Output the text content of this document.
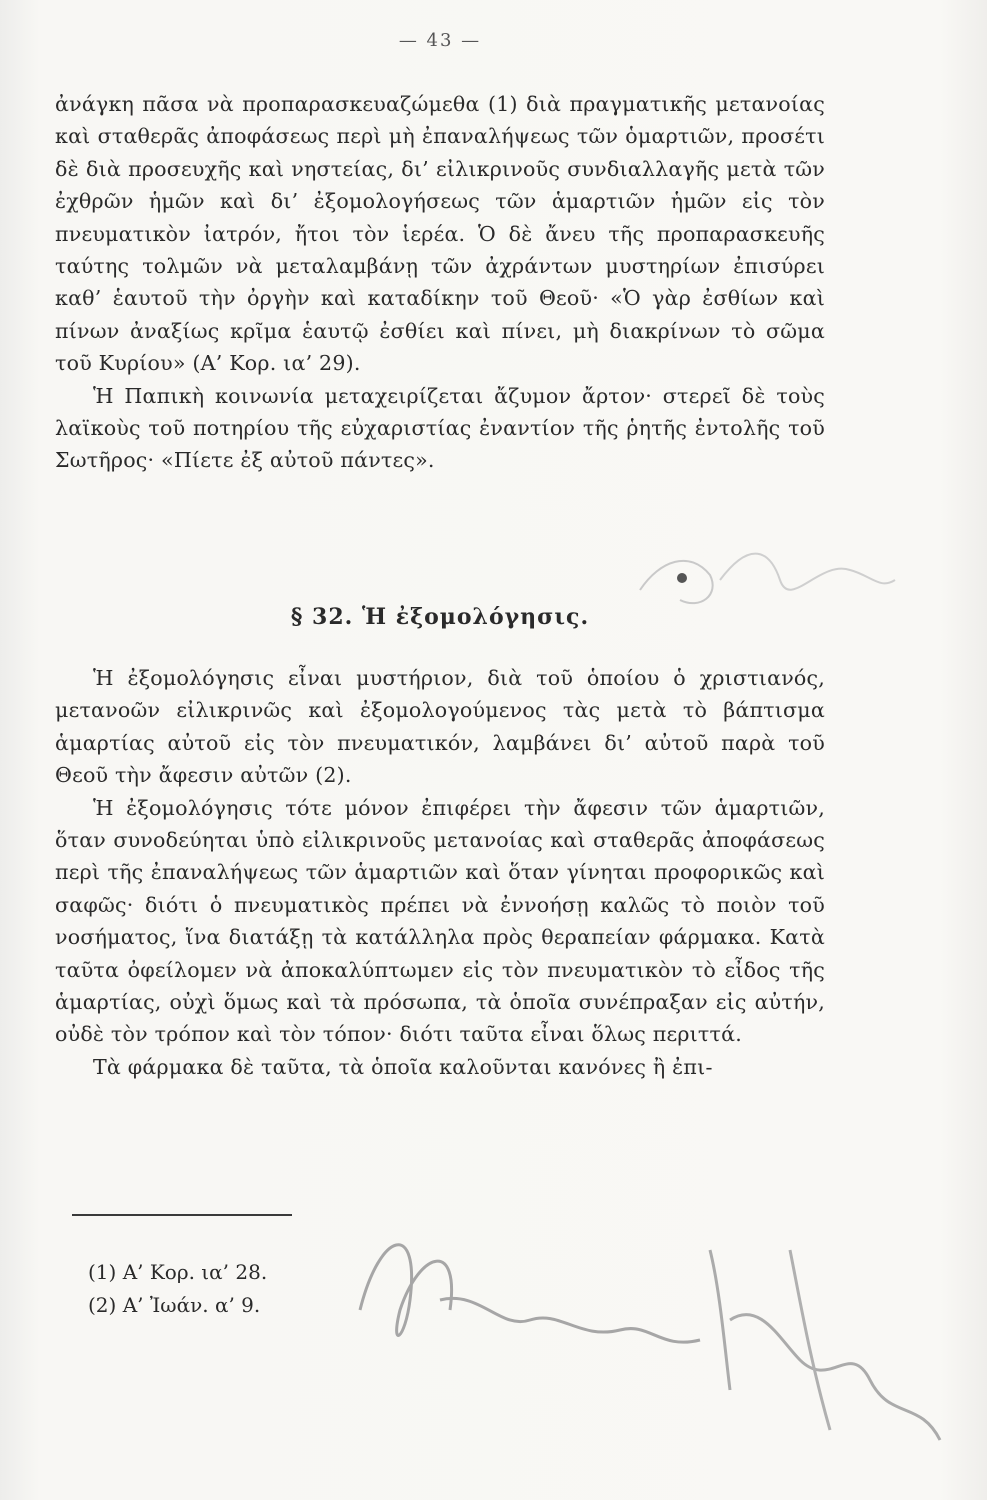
— 43 —

ἀνάγκη πᾶσα νὰ προπαρασκευαζώμεθα (1) διὰ πραγματικῆς μετανοίας καὶ σταθερᾶς ἀποφάσεως περὶ μὴ ἐπαναλήψεως τῶν ὁμαρτιῶν, προσέτι δὲ διὰ προσευχῆς καὶ νηστείας, δι’ εἰλικρινοῦς συνδιαλλαγῆς μετὰ τῶν ἐχθρῶν ἡμῶν καὶ δι’ ἐξομολογήσεως τῶν ἁμαρτιῶν ἡμῶν εἰς τὸν πνευματικὸν ἰατρόν, ἤτοι τὸν ἱερέα. Ὁ δὲ ἄνευ τῆς προπαρασκευῆς ταύτης τολμῶν νὰ μεταλαμβάνῃ τῶν ἀχράντων μυστηρίων ἐπισύρει καθ’ ἑαυτοῦ τὴν ὀργὴν καὶ καταδίκην τοῦ Θεοῦ· «Ὁ γὰρ ἐσθίων καὶ πίνων ἀναξίως κρῖμα ἑαυτῷ ἐσθίει καὶ πίνει, μὴ διακρίνων τὸ σῶμα τοῦ Κυρίου» (Α’ Κορ. ια’ 29).

Ἡ Παπικὴ κοινωνία μεταχειρίζεται ἄζυμον ἄρτον· στερεῖ δὲ τοὺς λαϊκοὺς τοῦ ποτηρίου τῆς εὐχαριστίας ἐναντίον τῆς ῥητῆς ἐντολῆς τοῦ Σωτῆρος· «Πίετε ἐξ αὐτοῦ πάντες».

§ 32. Ἡ ἐξομολόγησις.

Ἡ ἐξομολόγησις εἶναι μυστήριον, διὰ τοῦ ὁποίου ὁ χριστιανός, μετανοῶν εἰλικρινῶς καὶ ἐξομολογούμενος τὰς μετὰ τὸ βάπτισμα ἁμαρτίας αὐτοῦ εἰς τὸν πνευματικόν, λαμβάνει δι’ αὐτοῦ παρὰ τοῦ Θεοῦ τὴν ἄφεσιν αὐτῶν (2).

Ἡ ἐξομολόγησις τότε μόνον ἐπιφέρει τὴν ἄφεσιν τῶν ἁμαρτιῶν, ὅταν συνοδεύηται ὑπὸ εἰλικρινοῦς μετανοίας καὶ σταθερᾶς ἀποφάσεως περὶ τῆς ἐπαναλήψεως τῶν ἁμαρτιῶν καὶ ὅταν γίνηται προφορικῶς καὶ σαφῶς· διότι ὁ πνευματικὸς πρέπει νὰ ἐννοήσῃ καλῶς τὸ ποιὸν τοῦ νοσήματος, ἵνα διατάξῃ τὰ κατάλληλα πρὸς θεραπείαν φάρμακα. Κατὰ ταῦτα ὀφείλομεν νὰ ἀποκαλύπτωμεν εἰς τὸν πνευματικὸν τὸ εἶδος τῆς ἁμαρτίας, οὐχὶ ὅμως καὶ τὰ πρόσωπα, τὰ ὁποῖα συνέπραξαν εἰς αὐτήν, οὐδὲ τὸν τρόπον καὶ τὸν τόπον· διότι ταῦτα εἶναι ὅλως περιττά.

Τὰ φάρμακα δὲ ταῦτα, τὰ ὁποῖα καλοῦνται κανόνες ἢ ἐπι-

(1) Α’ Κορ. ια’ 28.

(2) Α’ Ἰωάν. α’ 9.
